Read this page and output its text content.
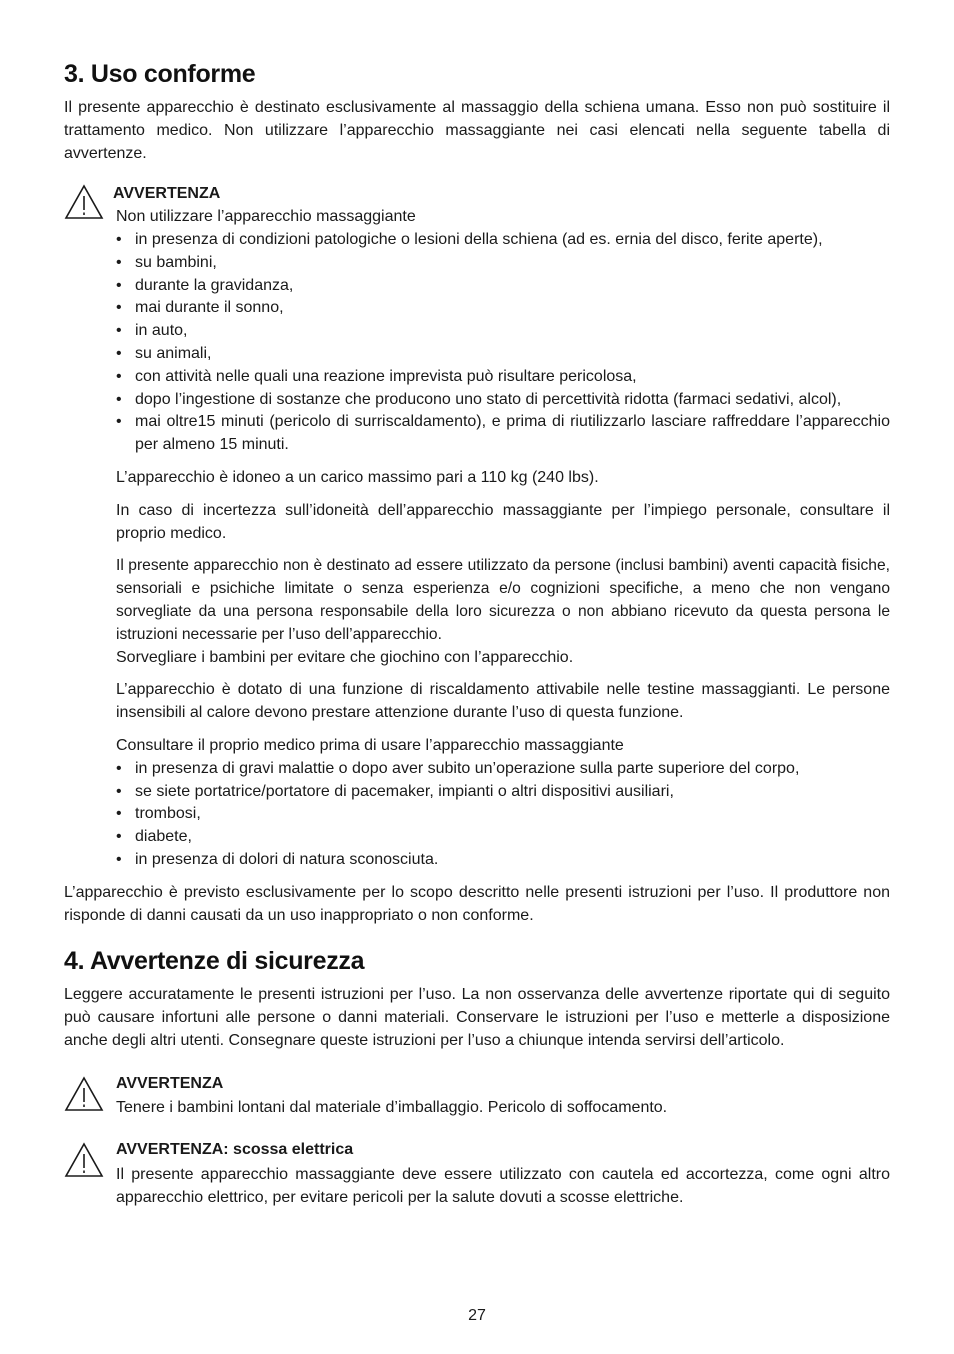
3. Uso conforme

Il presente apparecchio è destinato esclusivamente al massaggio della schiena umana. Esso non può sostituire il trattamento medico. Non utilizzare l’apparecchio massaggiante nei casi elencati nella seguente tabella di avvertenze.

AVVERTENZA

Non utilizzare l’apparecchio massaggiante

• in presenza di condizioni patologiche o lesioni della schiena (ad es. ernia del disco, ferite aperte),
• su bambini,
• durante la gravidanza,
• mai durante il sonno,
• in auto,
• su animali,
• con attività nelle quali una reazione imprevista può risultare pericolosa,
• dopo l’ingestione di sostanze che producono uno stato di percettività ridotta (farmaci sedativi, alcol),
• mai oltre15 minuti (pericolo di surriscaldamento), e prima di riutilizzarlo lasciare raffreddare l’apparecchio per almeno 15 minuti.

L’apparecchio è idoneo a un carico massimo pari a 110 kg (240 lbs).

In caso di incertezza sull’idoneità dell’apparecchio massaggiante per l’impiego personale, consultare il proprio medico.

Il presente apparecchio non è destinato ad essere utilizzato da persone (inclusi bambini) aventi capacità fisiche, sensoriali e psichiche limitate o senza esperienza e/o cognizioni specifiche, a meno che non vengano sorvegliate da una persona responsabile della loro sicurezza o non abbiano ricevuto da questa persona le istruzioni necessarie per l’uso dell’apparecchio.

Sorvegliare i bambini per evitare che giochino con l’apparecchio.

L’apparecchio è dotato di una funzione di riscaldamento attivabile nelle testine massaggianti. Le persone insensibili al calore devono prestare attenzione durante l’uso di questa funzione.

Consultare il proprio medico prima di usare l’apparecchio massaggiante

• in presenza di gravi malattie o dopo aver subito un’operazione sulla parte superiore del corpo,
• se siete portatrice/portatore di pacemaker, impianti o altri dispositivi ausiliari,
• trombosi,
• diabete,
• in presenza di dolori di natura sconosciuta.

L’apparecchio è previsto esclusivamente per lo scopo descritto nelle presenti istruzioni per l’uso. Il produttore non risponde di danni causati da un uso inappropriato o non conforme.

4. Avvertenze di sicurezza

Leggere accuratamente le presenti istruzioni per l’uso. La non osservanza delle avvertenze riportate qui di seguito può causare infortuni alle persone o danni materiali. Conservare le istruzioni per l’uso e metterle a disposizione anche degli altri utenti. Consegnare queste istruzioni per l’uso a chiunque intenda servirsi dell’articolo.

AVVERTENZA

Tenere i bambini lontani dal materiale d’imballaggio. Pericolo di soffocamento.

AVVERTENZA: scossa elettrica

Il presente apparecchio massaggiante deve essere utilizzato con cautela ed accortezza, come ogni altro apparecchio elettrico, per evitare pericoli per la salute dovuti a scosse elettriche.

27
